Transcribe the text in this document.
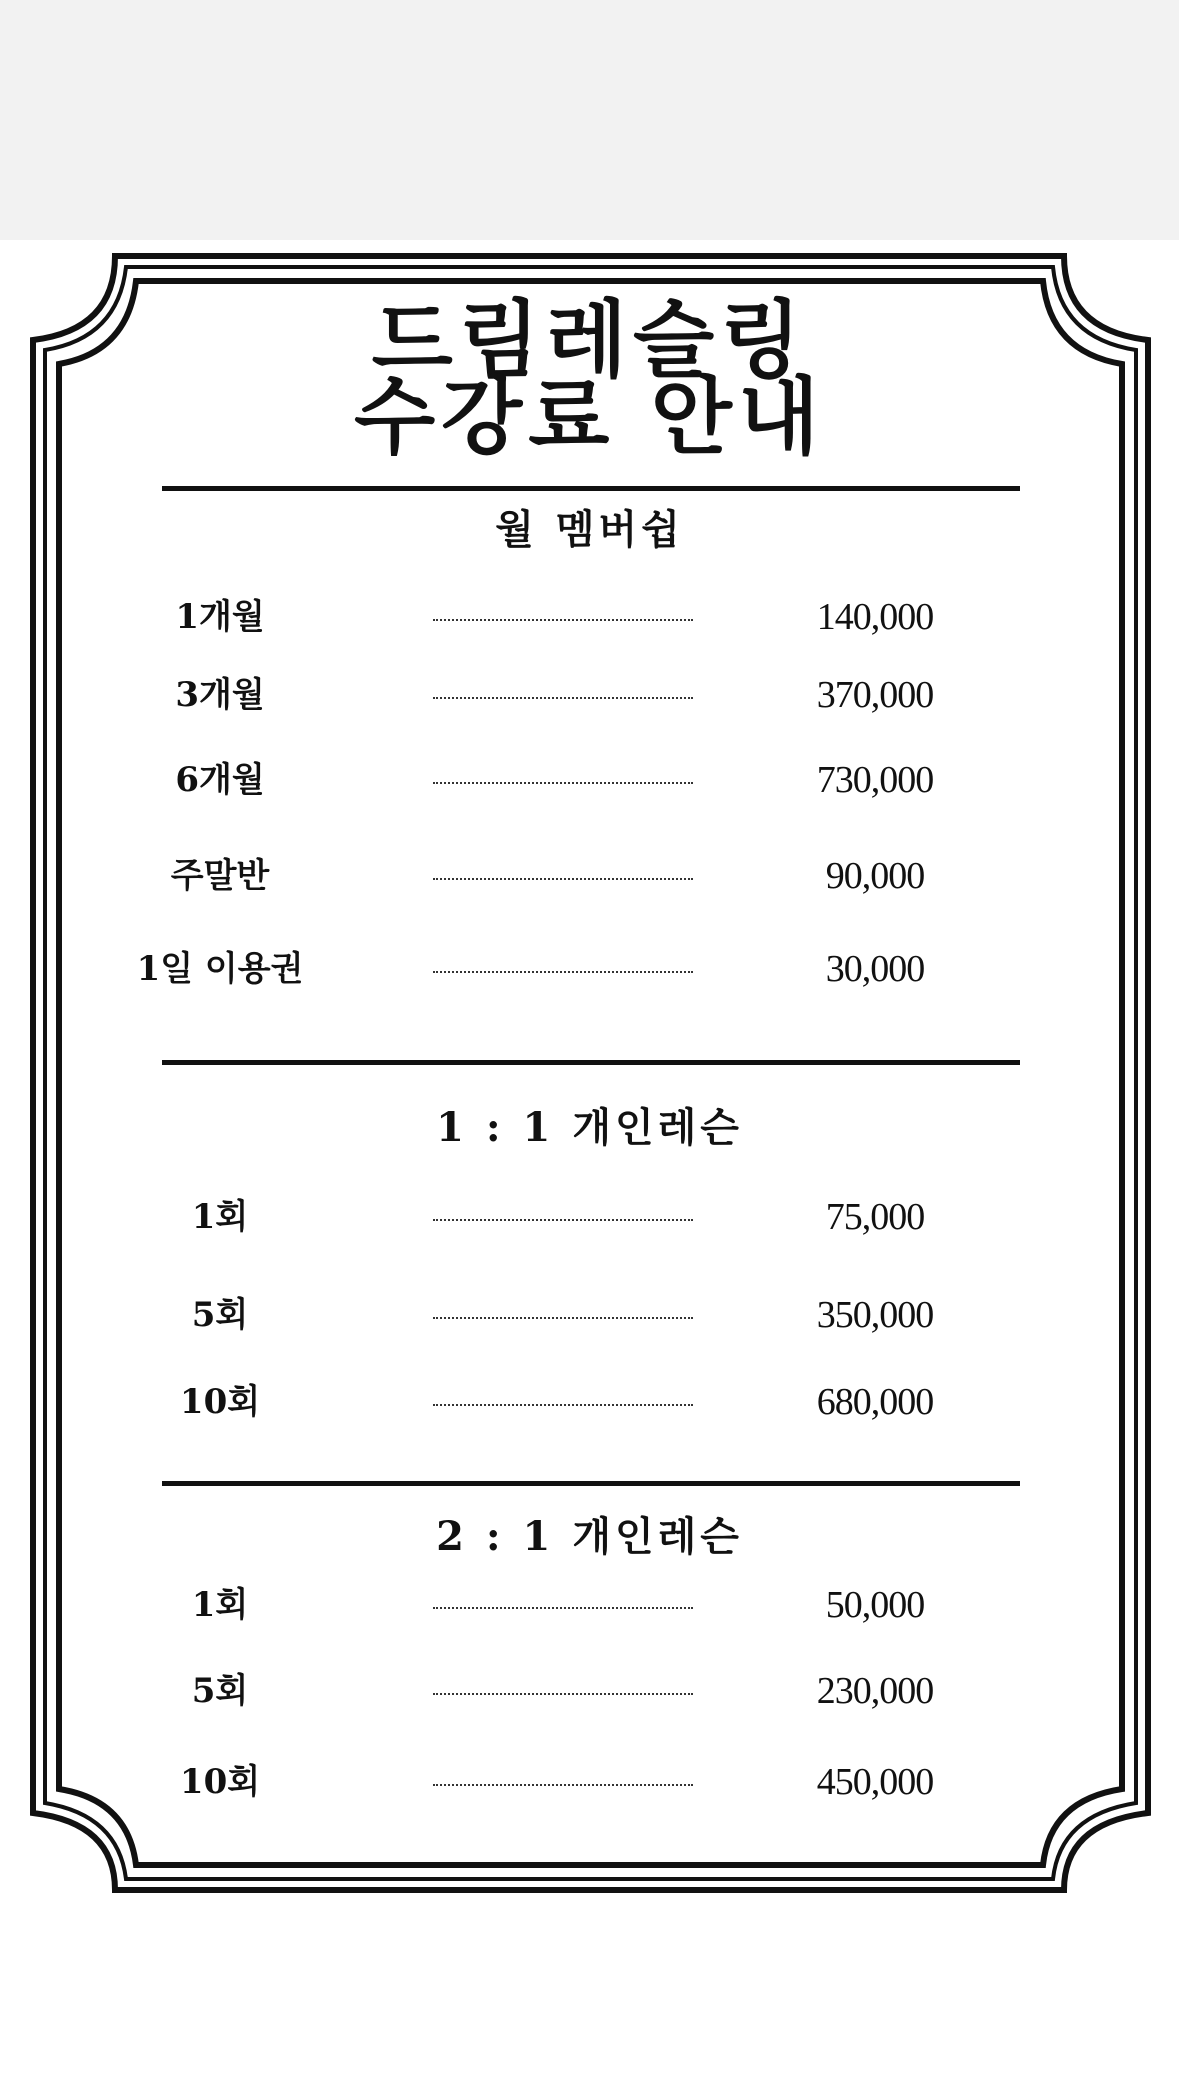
드림레슬링
수강료 안내
월 멤버쉽
1개월	140,000
3개월	370,000
6개월	730,000
주말반	90,000
1일 이용권	30,000
1 : 1 개인레슨
1회	75,000
5회	350,000
10회	680,000
2 : 1 개인레슨
1회	50,000
5회	230,000
10회	450,000
